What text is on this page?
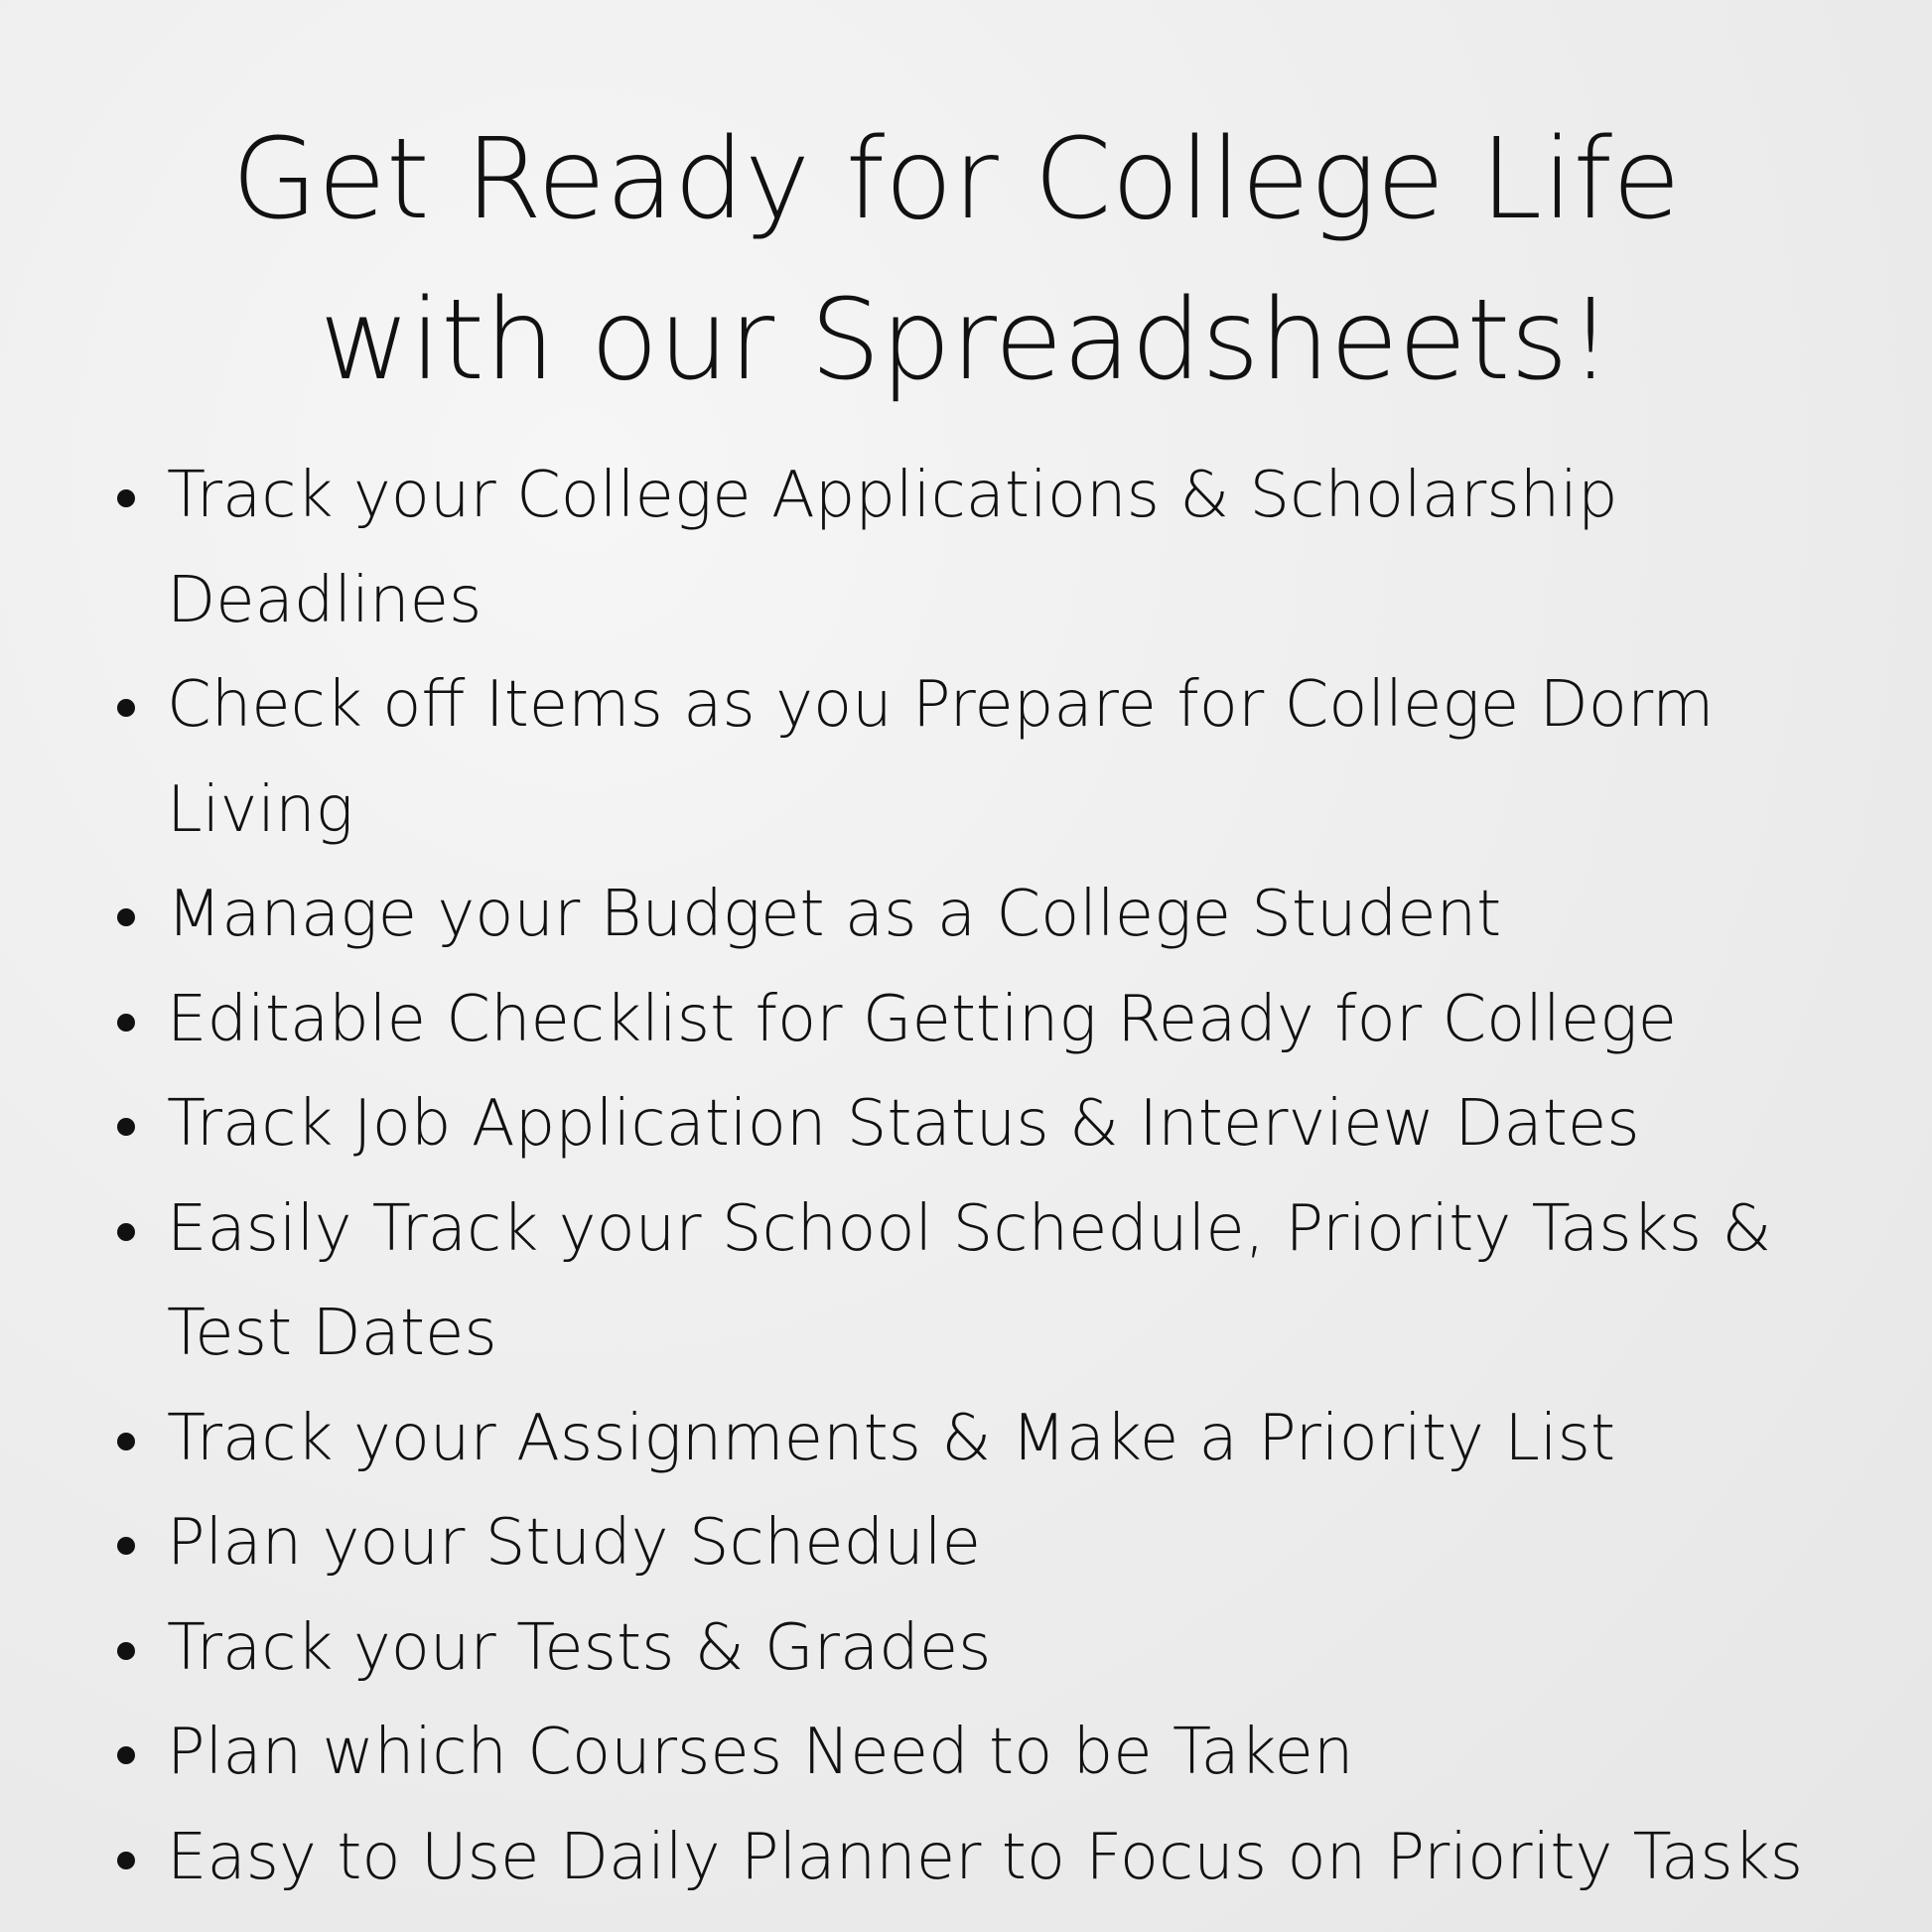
Get Ready for College Life
with our Spreadsheets!
Track your College Applications & Scholarship
Deadlines
Check off Items as you Prepare for College Dorm
Living
Manage your Budget as a College Student
Editable Checklist for Getting Ready for College
Track Job Application Status & Interview Dates
Easily Track your School Schedule, Priority Tasks &
Test Dates
Track your Assignments & Make a Priority List
Plan your Study Schedule
Track your Tests & Grades
Plan which Courses Need to be Taken
Easy to Use Daily Planner to Focus on Priority Tasks
